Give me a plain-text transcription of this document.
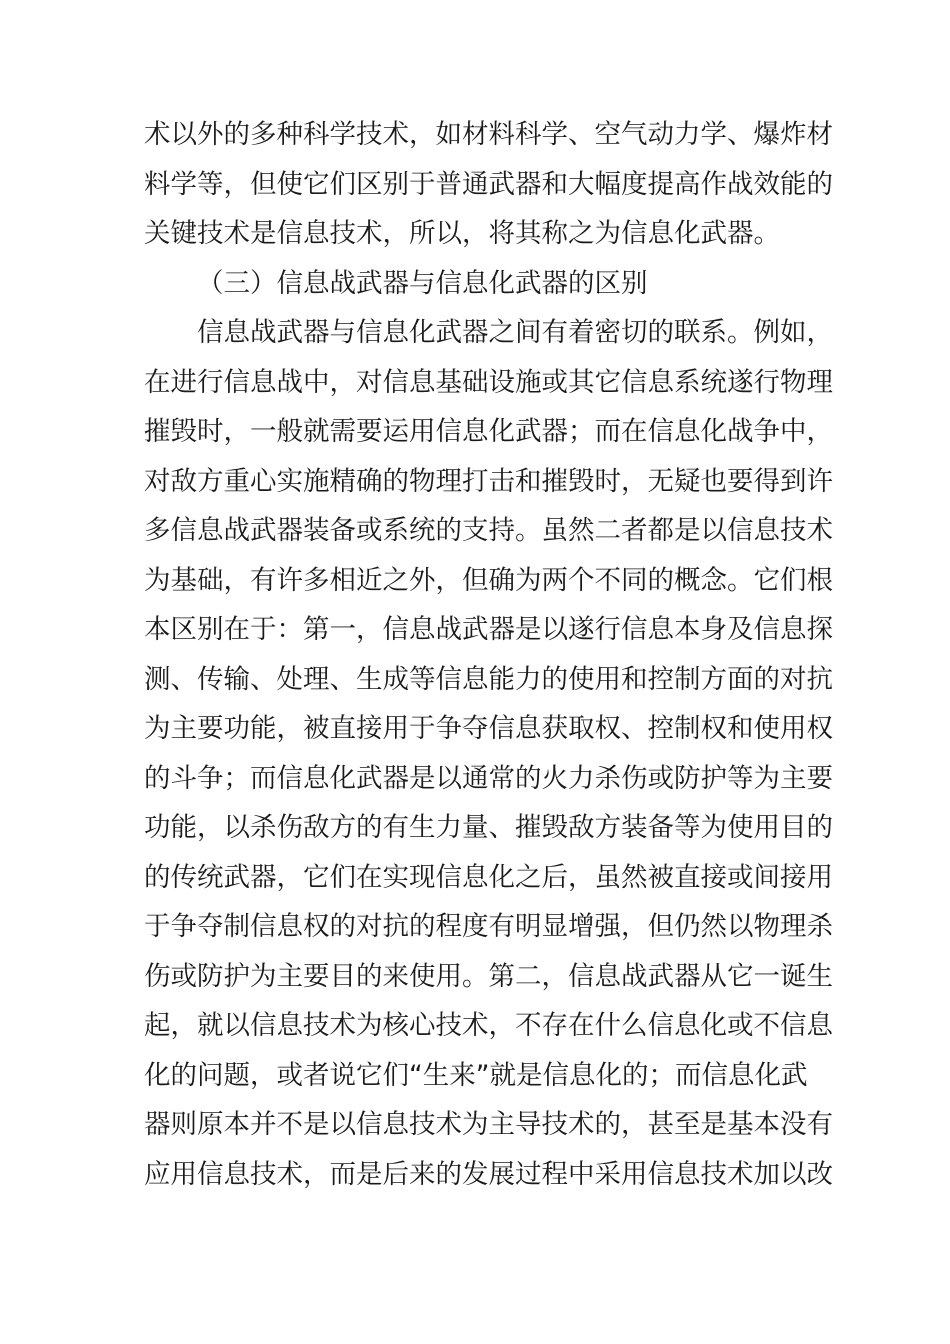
术以外的多种科学技术，如材料科学、空气动力学、爆炸材
料学等，但使它们区别于普通武器和大幅度提高作战效能的
关键技术是信息技术，所以，将其称之为信息化武器。
（三）信息战武器与信息化武器的区别
信息战武器与信息化武器之间有着密切的联系。例如，
在进行信息战中，对信息基础设施或其它信息系统遂行物理
摧毁时，一般就需要运用信息化武器；而在信息化战争中，
对敌方重心实施精确的物理打击和摧毁时，无疑也要得到许
多信息战武器装备或系统的支持。虽然二者都是以信息技术
为基础，有许多相近之外，但确为两个不同的概念。它们根
本区别在于：第一，信息战武器是以遂行信息本身及信息探
测、传输、处理、生成等信息能力的使用和控制方面的对抗
为主要功能，被直接用于争夺信息获取权、控制权和使用权
的斗争；而信息化武器是以通常的火力杀伤或防护等为主要
功能，以杀伤敌方的有生力量、摧毁敌方装备等为使用目的
的传统武器，它们在实现信息化之后，虽然被直接或间接用
于争夺制信息权的对抗的程度有明显增强，但仍然以物理杀
伤或防护为主要目的来使用。第二，信息战武器从它一诞生
起，就以信息技术为核心技术，不存在什么信息化或不信息
化的问题，或者说它们“生来”就是信息化的；而信息化武
器则原本并不是以信息技术为主导技术的，甚至是基本没有
应用信息技术，而是后来的发展过程中采用信息技术加以改
